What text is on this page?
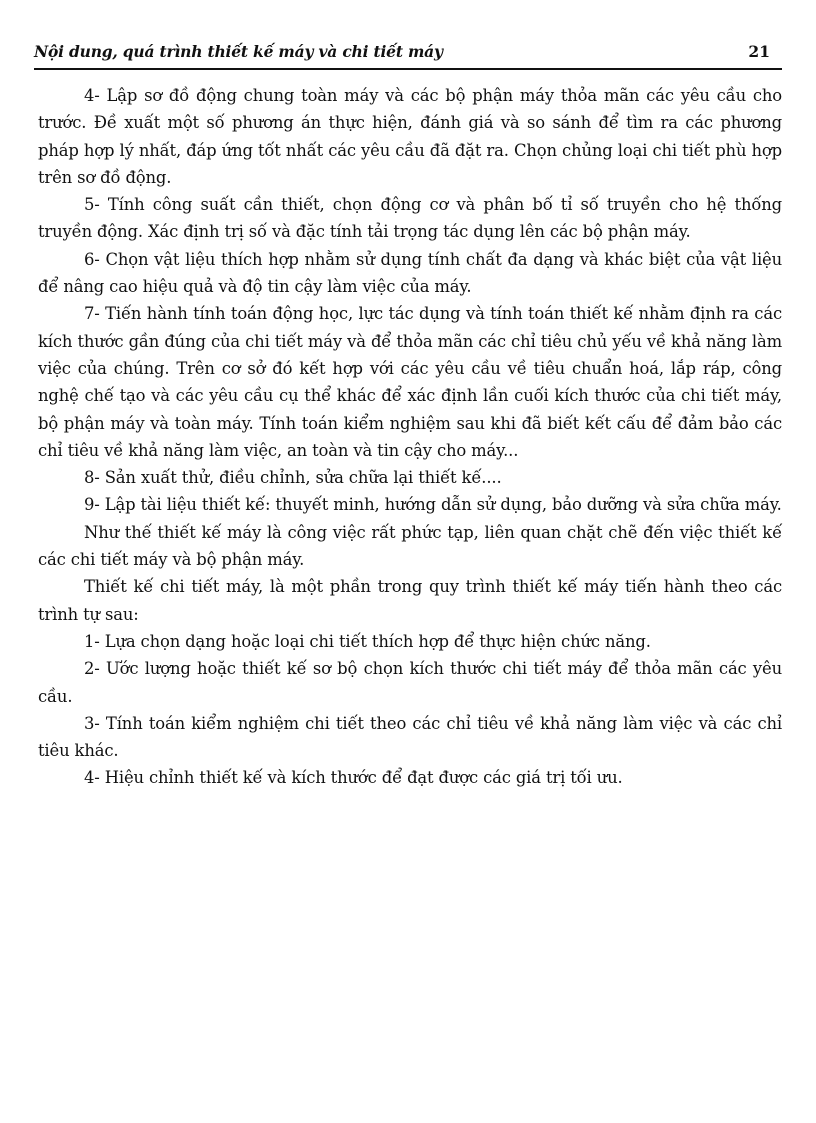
Nội dung, quá trình thiết kế máy và chi tiết máy	21

4- Lập sơ đồ động chung toàn máy và các bộ phận máy thỏa mãn các yêu cầu cho trước. Đề xuất một số phương án thực hiện, đánh giá và so sánh để tìm ra các phương pháp hợp lý nhất, đáp ứng tốt nhất các yêu cầu đã đặt ra. Chọn chủng loại chi tiết phù hợp trên sơ đồ động.

5- Tính công suất cần thiết, chọn động cơ và phân bố tỉ số truyền cho hệ thống truyền động. Xác định trị số và đặc tính tải trọng tác dụng lên các bộ phận máy.

6- Chọn vật liệu thích hợp nhằm sử dụng tính chất đa dạng và khác biệt của vật liệu để nâng cao hiệu quả và độ tin cậy làm việc của máy.

7- Tiến hành tính toán động học, lực tác dụng và tính toán thiết kế nhằm định ra các kích thước gần đúng của chi tiết máy và để thỏa mãn các chỉ tiêu chủ yếu về khả năng làm việc của chúng. Trên cơ sở đó kết hợp với các yêu cầu về tiêu chuẩn hoá, lắp ráp, công nghệ chế tạo và các yêu cầu cụ thể khác để xác định lần cuối kích thước của chi tiết máy, bộ phận máy và toàn máy. Tính toán kiểm nghiệm sau khi đã biết kết cấu để đảm bảo các chỉ tiêu về khả năng làm việc, an toàn và tin cậy cho máy...

8- Sản xuất thử, điều chỉnh, sửa chữa lại thiết kế....

9- Lập tài liệu thiết kế: thuyết minh, hướng dẫn sử dụng, bảo dưỡng và sửa chữa máy.

Như thế thiết kế máy là công việc rất phức tạp, liên quan chặt chẽ đến việc thiết kế các chi tiết máy và bộ phận máy.

Thiết kế chi tiết máy, là một phần trong quy trình thiết kế máy tiến hành theo các trình tự sau:

1- Lựa chọn dạng hoặc loại chi tiết thích hợp để thực hiện chức năng.

2- Ước lượng hoặc thiết kế sơ bộ chọn kích thước chi tiết máy để thỏa mãn các yêu cầu.

3- Tính toán kiểm nghiệm chi tiết theo các chỉ tiêu về khả năng làm việc và các chỉ tiêu khác.

4- Hiệu chỉnh thiết kế và kích thước để đạt được các giá trị tối ưu.
